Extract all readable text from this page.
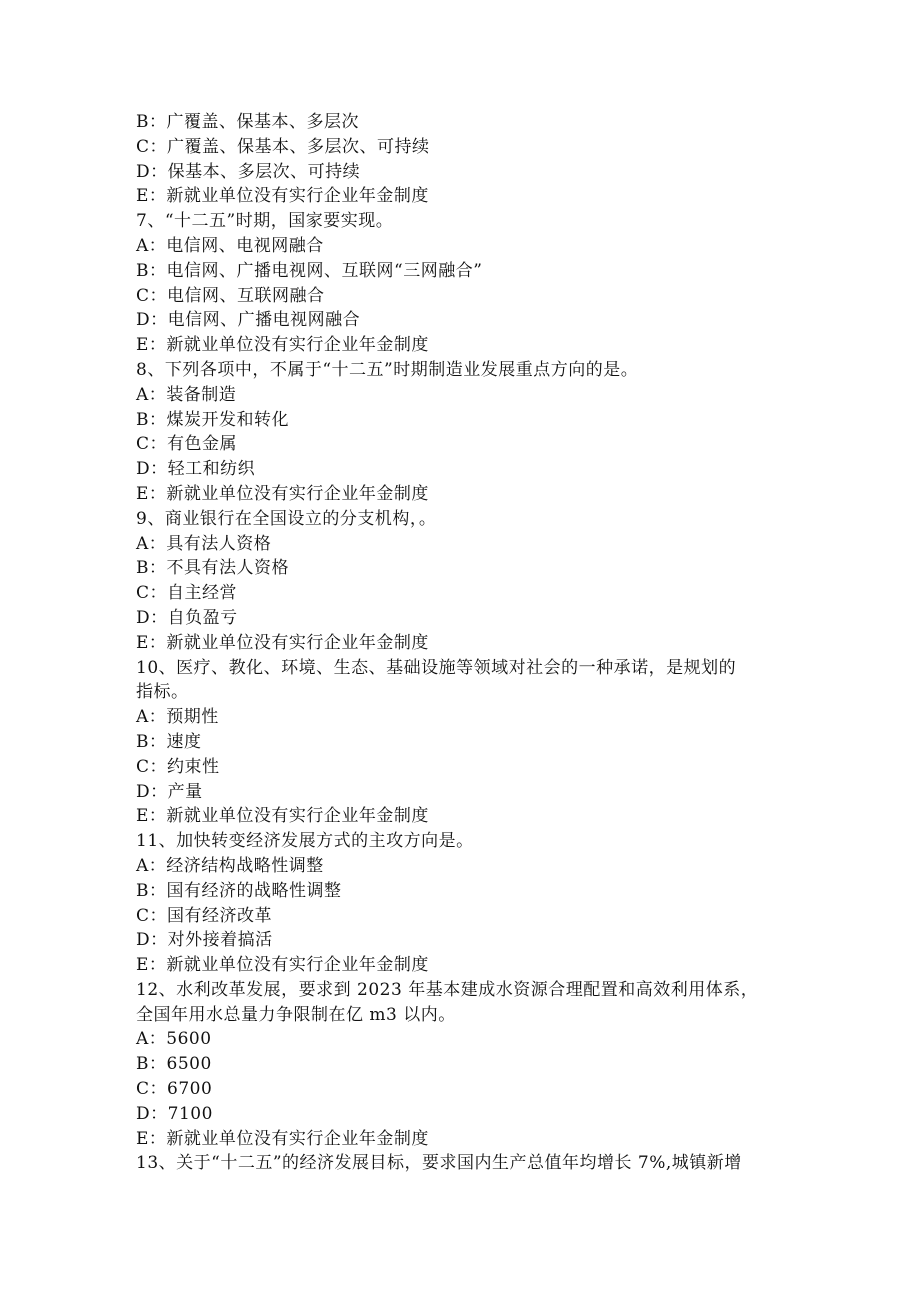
B：广覆盖、保基本、多层次
C：广覆盖、保基本、多层次、可持续
D：保基本、多层次、可持续
E：新就业单位没有实行企业年金制度
7、“十二五”时期，国家要实现。
A：电信网、电视网融合
B：电信网、广播电视网、互联网“三网融合”
C：电信网、互联网融合
D：电信网、广播电视网融合
E：新就业单位没有实行企业年金制度
8、下列各项中，不属于“十二五”时期制造业发展重点方向的是。
A：装备制造
B：煤炭开发和转化
C：有色金属
D：轻工和纺织
E：新就业单位没有实行企业年金制度
9、商业银行在全国设立的分支机构，。
A：具有法人资格
B：不具有法人资格
C：自主经営
D：自负盈亏
E：新就业单位没有实行企业年金制度
10、医疗、教化、环境、生态、基础设施等领域对社会的一种承诺，是规划的
指标。
A：预期性
B：速度
C：约束性
D：产量
E：新就业单位没有实行企业年金制度
11、加快转变经济发展方式的主攻方向是。
A：经济结构战略性调整
B：国有经济的战略性调整
C：国有经济改革
D：对外接着搞活
E：新就业单位没有实行企业年金制度
12、水利改革发展，要求到 2023 年基本建成水资源合理配置和高效利用体系，
全国年用水总量力争限制在亿 m3 以内。
A：5600
B：6500
C：6700
D：7100
E：新就业单位没有实行企业年金制度
13、关于“十二五”的经济发展目标，要求国内生产总值年均增长 7%,城镇新增
